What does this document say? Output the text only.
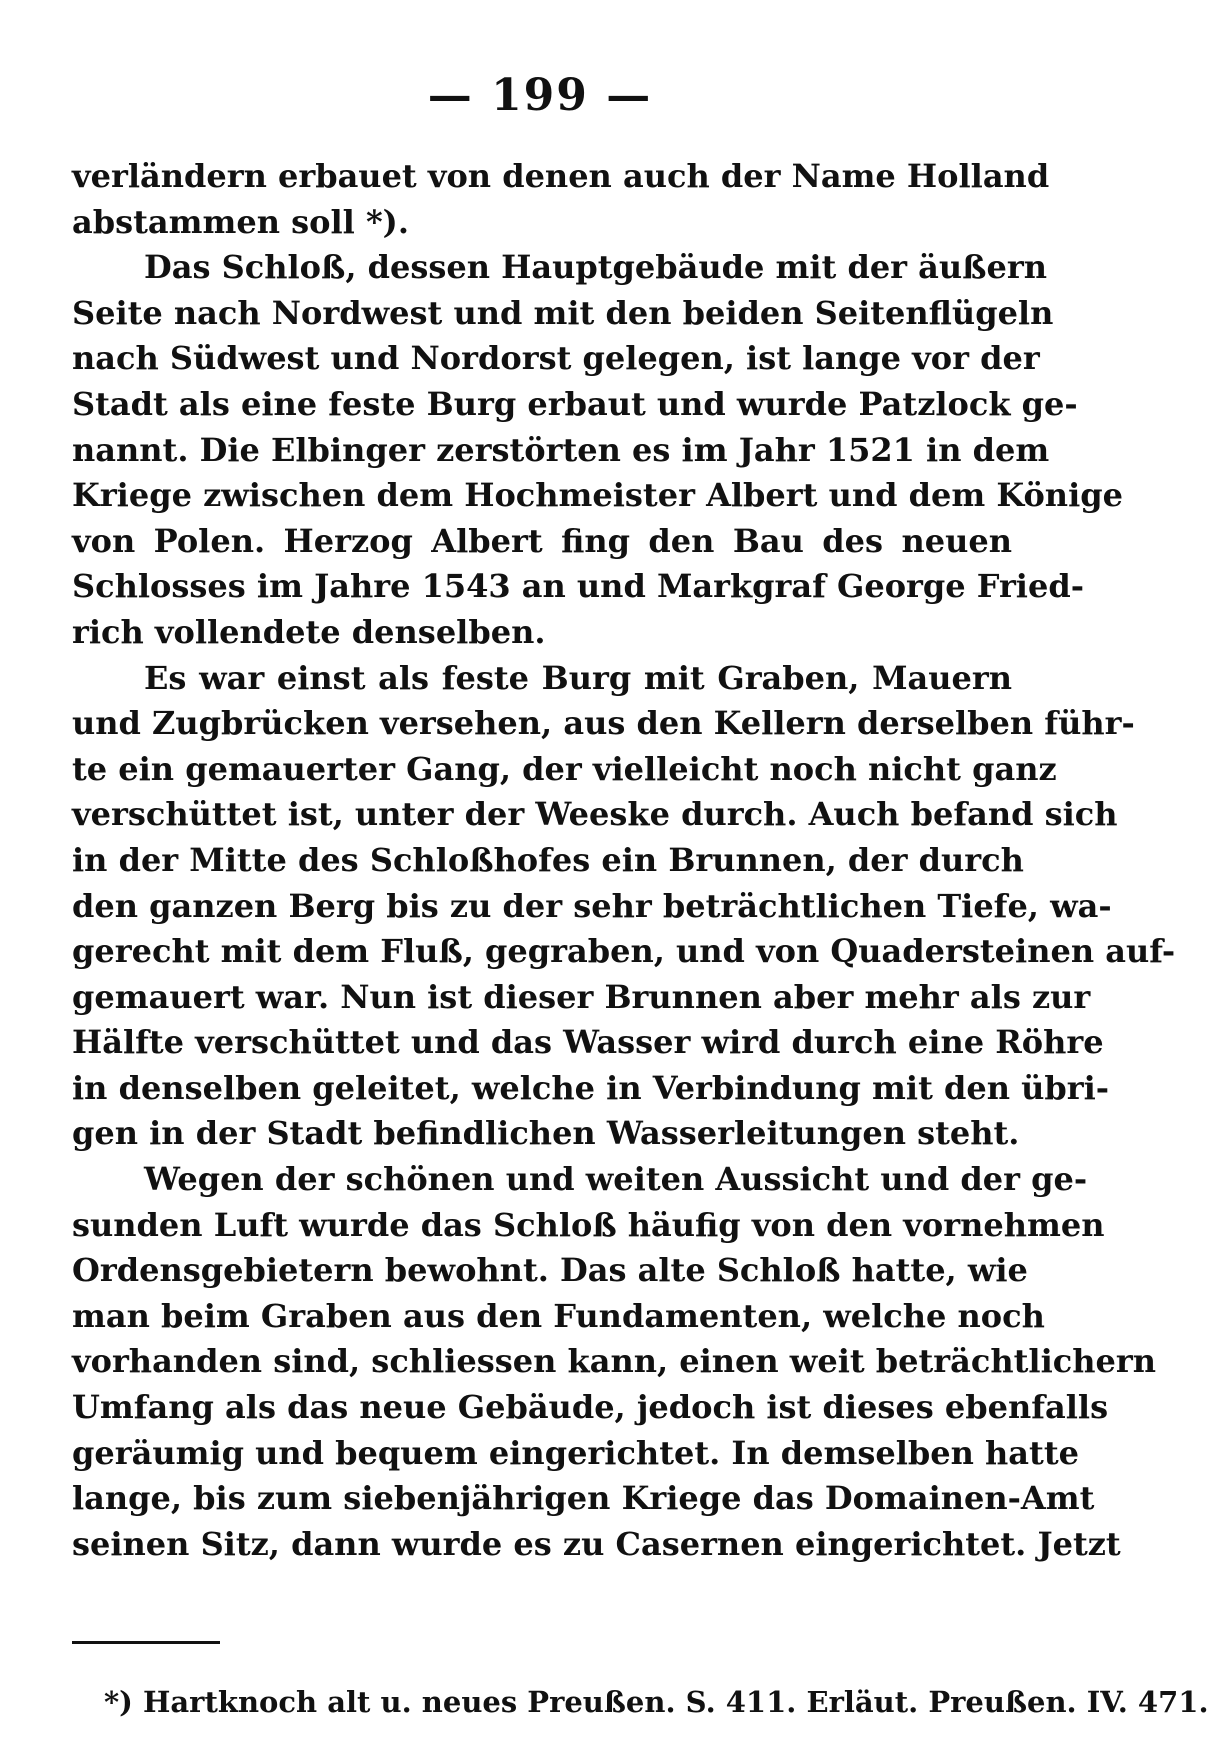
— 199 —
verländern erbauet von denen auch der Name Holland
abstammen soll *).
Das Schloß, dessen Hauptgebäude mit der äußern
Seite nach Nordwest und mit den beiden Seitenflügeln
nach Südwest und Nordorst gelegen, ist lange vor der
Stadt als eine feste Burg erbaut und wurde Patzlock ge-
nannt. Die Elbinger zerstörten es im Jahr 1521 in dem
Kriege zwischen dem Hochmeister Albert und dem Könige
von Polen. Herzog Albert fing den Bau des neuen
Schlosses im Jahre 1543 an und Markgraf George Fried-
rich vollendete denselben.
Es war einst als feste Burg mit Graben, Mauern
und Zugbrücken versehen, aus den Kellern derselben führ-
te ein gemauerter Gang, der vielleicht noch nicht ganz
verschüttet ist, unter der Weeske durch. Auch befand sich
in der Mitte des Schloßhofes ein Brunnen, der durch
den ganzen Berg bis zu der sehr beträchtlichen Tiefe, wa-
gerecht mit dem Fluß, gegraben, und von Quadersteinen auf-
gemauert war. Nun ist dieser Brunnen aber mehr als zur
Hälfte verschüttet und das Wasser wird durch eine Röhre
in denselben geleitet, welche in Verbindung mit den übri-
gen in der Stadt befindlichen Wasserleitungen steht.
Wegen der schönen und weiten Aussicht und der ge-
sunden Luft wurde das Schloß häufig von den vornehmen
Ordensgebietern bewohnt. Das alte Schloß hatte, wie
man beim Graben aus den Fundamenten, welche noch
vorhanden sind, schliessen kann, einen weit beträchtlichern
Umfang als das neue Gebäude, jedoch ist dieses ebenfalls
geräumig und bequem eingerichtet. In demselben hatte
lange, bis zum siebenjährigen Kriege das Domainen-Amt
seinen Sitz, dann wurde es zu Casernen eingerichtet. Jetzt
*) Hartknoch alt u. neues Preußen. S. 411. Erläut. Preußen. IV. 471.
